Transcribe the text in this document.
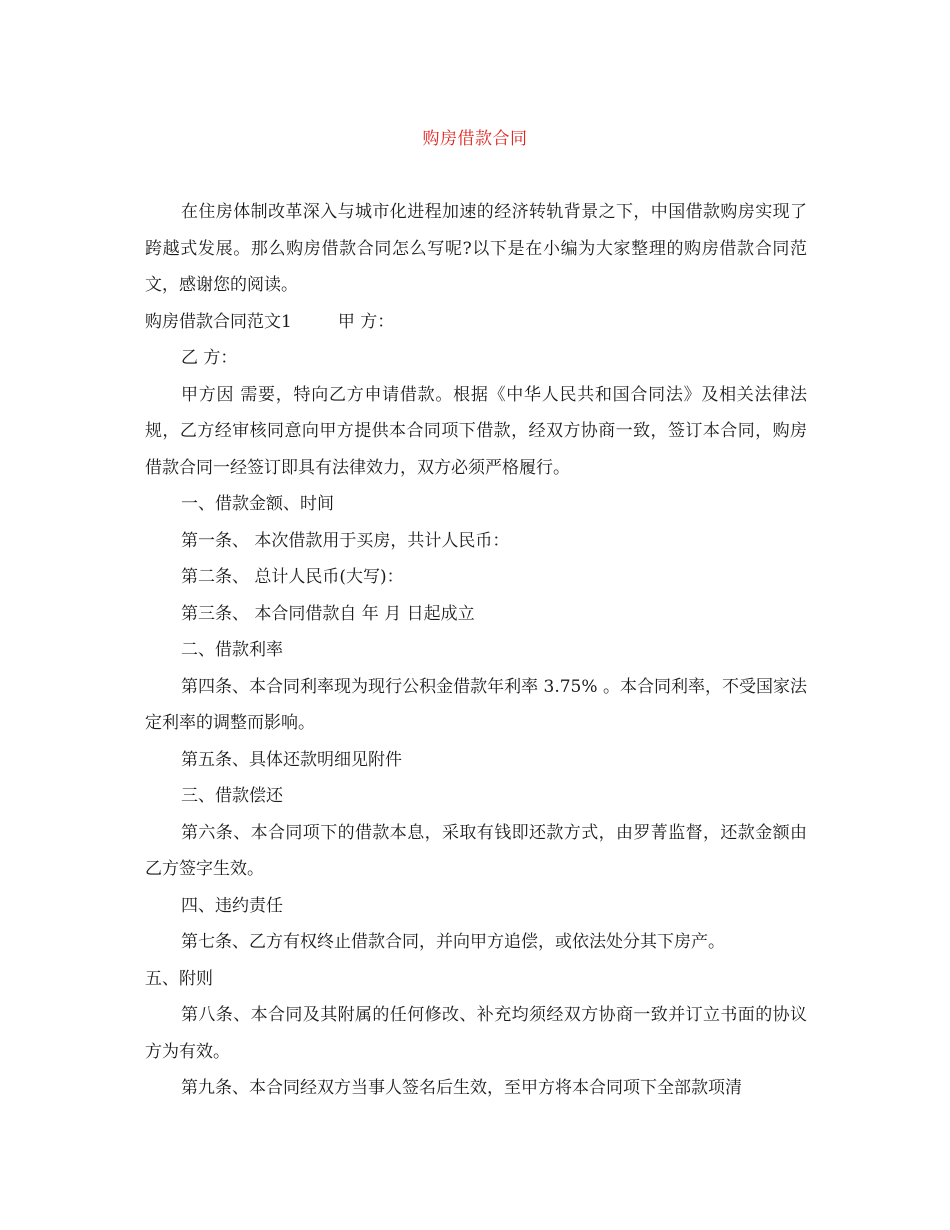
购房借款合同

在住房体制改革深入与城市化进程加速的经济转轨背景之下，中国借款购房实现了跨越式发展。那么购房借款合同怎么写呢?以下是在小编为大家整理的购房借款合同范文，感谢您的阅读。

购房借款合同范文1	甲 方：

乙 方：

甲方因 需要，特向乙方申请借款。根据《中华人民共和国合同法》及相关法律法规，乙方经审核同意向甲方提供本合同项下借款，经双方协商一致，签订本合同，购房借款合同一经签订即具有法律效力，双方必须严格履行。

一、借款金额、时间

第一条、 本次借款用于买房，共计人民币：

第二条、 总计人民币(大写)：

第三条、 本合同借款自 年 月 日起成立

二、借款利率

第四条、本合同利率现为现行公积金借款年利率 3.75% 。本合同利率，不受国家法定利率的调整而影响。

第五条、具体还款明细见附件

三、借款偿还

第六条、本合同项下的借款本息，采取有钱即还款方式，由罗菁监督，还款金额由乙方签字生效。

四、违约责任

第七条、乙方有权终止借款合同，并向甲方追偿，或依法处分其下房产。

五、附则

第八条、本合同及其附属的任何修改、补充均须经双方协商一致并订立书面的协议方为有效。

第九条、本合同经双方当事人签名后生效，至甲方将本合同项下全部款项清
